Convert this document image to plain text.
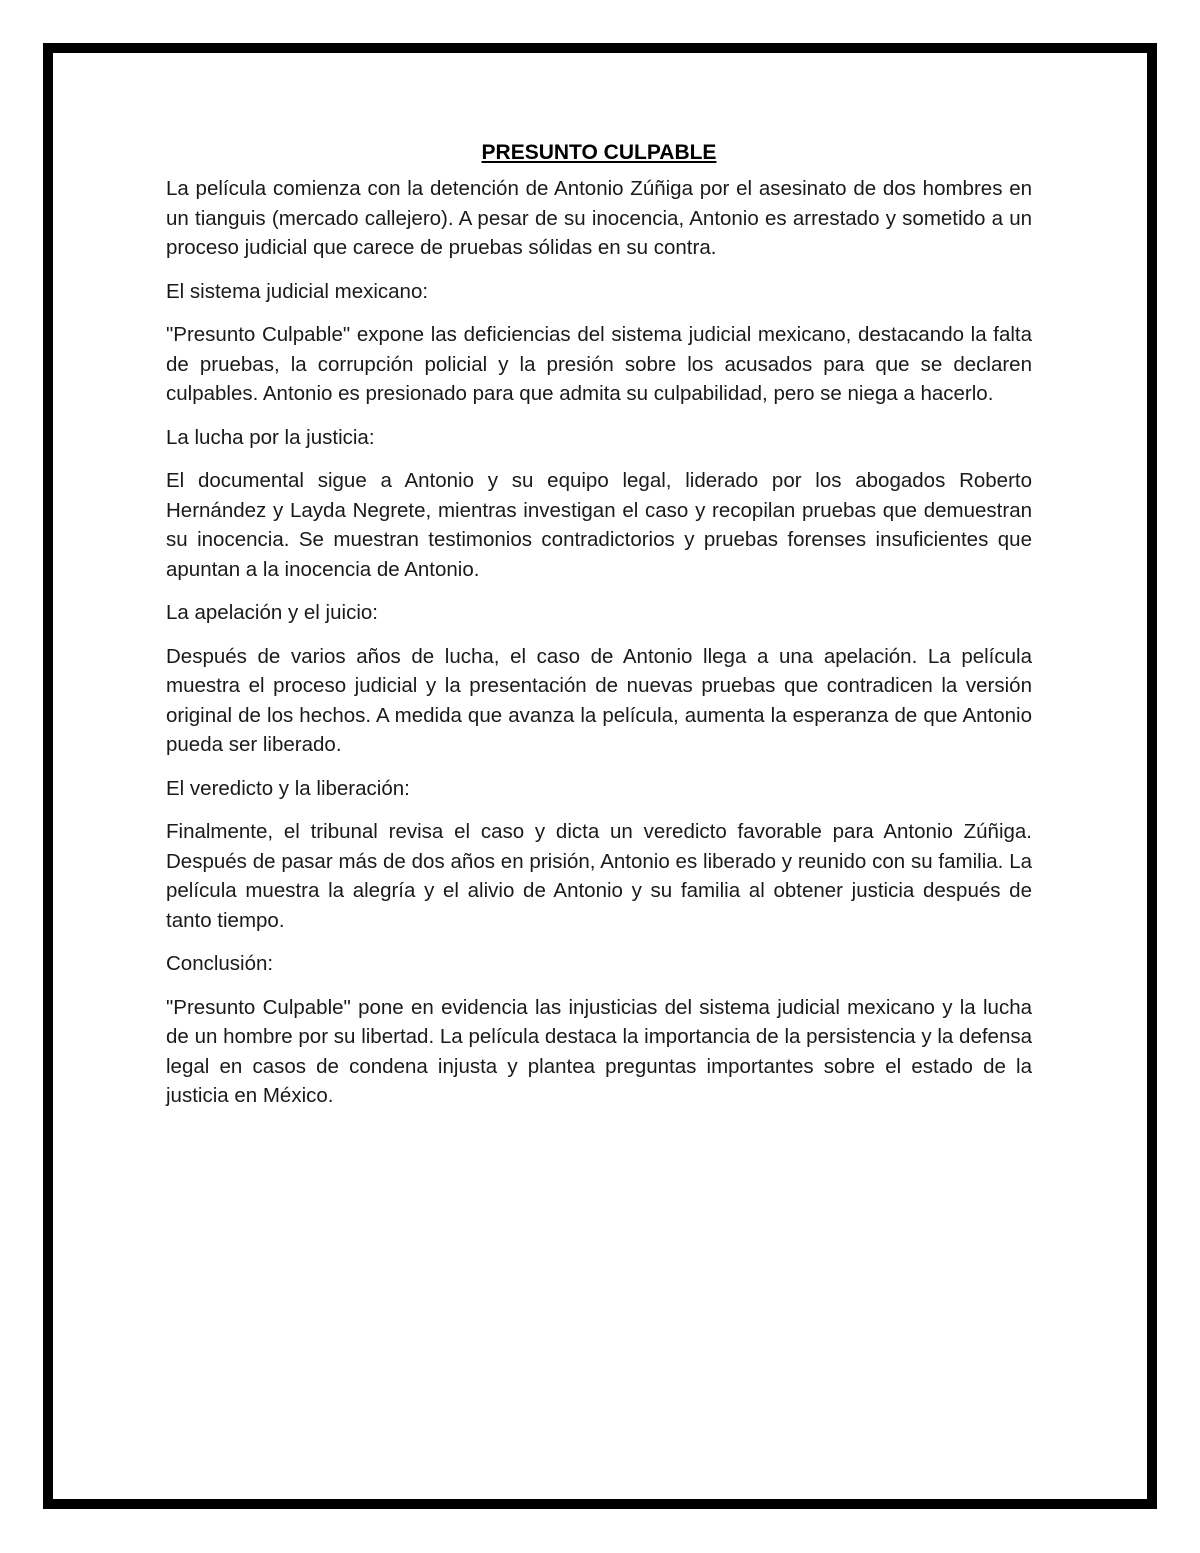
PRESUNTO CULPABLE

La película comienza con la detención de Antonio Zúñiga por el asesinato de dos hombres en un tianguis (mercado callejero). A pesar de su inocencia, Antonio es arrestado y sometido a un proceso judicial que carece de pruebas sólidas en su contra.

El sistema judicial mexicano:

"Presunto Culpable" expone las deficiencias del sistema judicial mexicano, destacando la falta de pruebas, la corrupción policial y la presión sobre los acusados para que se declaren culpables. Antonio es presionado para que admita su culpabilidad, pero se niega a hacerlo.

La lucha por la justicia:

El documental sigue a Antonio y su equipo legal, liderado por los abogados Roberto Hernández y Layda Negrete, mientras investigan el caso y recopilan pruebas que demuestran su inocencia. Se muestran testimonios contradictorios y pruebas forenses insuficientes que apuntan a la inocencia de Antonio.

La apelación y el juicio:

Después de varios años de lucha, el caso de Antonio llega a una apelación. La película muestra el proceso judicial y la presentación de nuevas pruebas que contradicen la versión original de los hechos. A medida que avanza la película, aumenta la esperanza de que Antonio pueda ser liberado.

El veredicto y la liberación:

Finalmente, el tribunal revisa el caso y dicta un veredicto favorable para Antonio Zúñiga. Después de pasar más de dos años en prisión, Antonio es liberado y reunido con su familia. La película muestra la alegría y el alivio de Antonio y su familia al obtener justicia después de tanto tiempo.

Conclusión:

"Presunto Culpable" pone en evidencia las injusticias del sistema judicial mexicano y la lucha de un hombre por su libertad. La película destaca la importancia de la persistencia y la defensa legal en casos de condena injusta y plantea preguntas importantes sobre el estado de la justicia en México.
